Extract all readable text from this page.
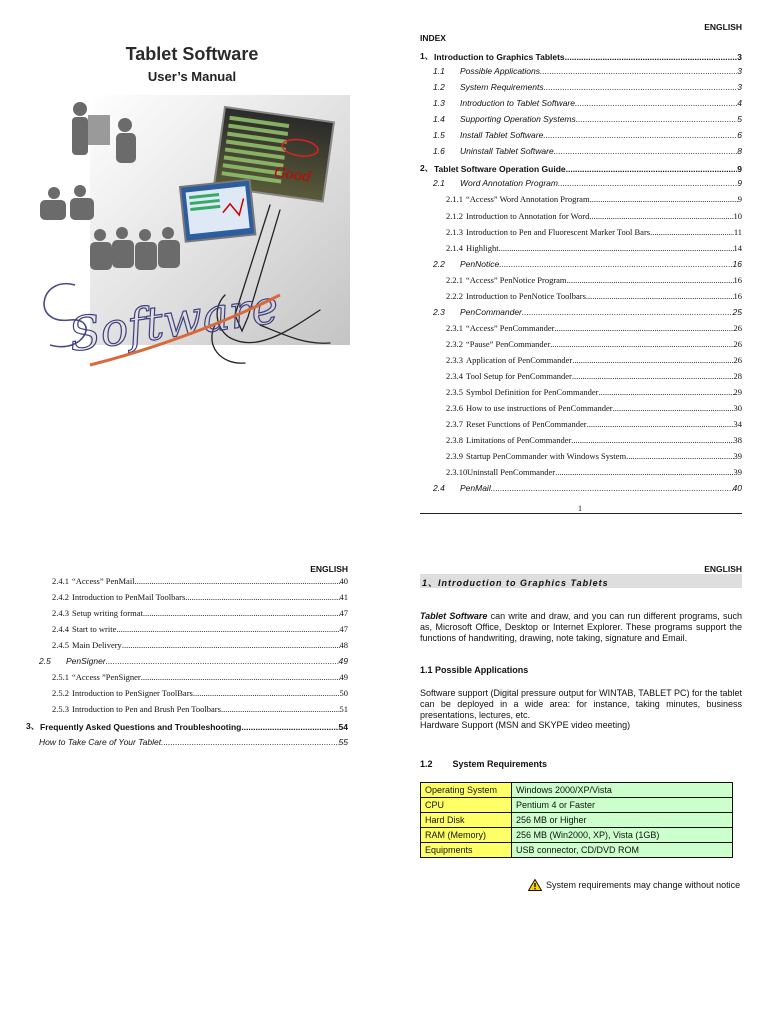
Tablet Software
User’s Manual
Good
Software
ENGLISH
INDEX
1、 Introduction to Graphics Tablets .....	3
1.1	Possible Applications .....	3
1.2	System Requirements .....	3
1.3	Introduction to Tablet Software .....	4
1.4	Supporting Operation Systems .....	5
1.5	Install Tablet Software .....	6
1.6	Uninstall Tablet Software .....	8
2、 Tablet Software Operation Guide .....	9
2.1	Word Annotation Program .....	9
2.1.1 “Access” Word Annotation Program .....	9
2.1.2 Introduction to Annotation for Word .....	10
2.1.3 Introduction to Pen and Fluorescent Marker Tool Bars .....	11
2.1.4 Highlight .....	14
2.2	PenNotice .....	16
2.2.1 “Access” PenNotice Program .....	16
2.2.2 Introduction to PenNotice Toolbars .....	16
2.3	PenCommander .....	25
2.3.1 “Access” PenCommander .....	26
2.3.2 “Pause” PenCommander .....	26
2.3.3 Application of PenCommander .....	26
2.3.4 Tool Setup for PenCommander .....	28
2.3.5 Symbol Definition for PenCommander .....	29
2.3.6 How to use instructions of PenCommander .....	30
2.3.7 Reset Functions of PenCommander .....	34
2.3.8 Limitations of PenCommander .....	38
2.3.9 Startup PenCommander with Windows System .....	39
2.3.10 Uninstall PenCommander .....	39
2.4	PenMail .....	40
1
ENGLISH
2.4.1 “Access” PenMail .....	40
2.4.2 Introduction to PenMail Toolbars .....	41
2.4.3 Setup writing format .....	47
2.4.4 Start to write .....	47
2.4.5 Main Delivery .....	48
2.5	PenSigner .....	49
2.5.1 “Access ”PenSigner .....	49
2.5.2 Introduction to PenSigner ToolBars .....	50
2.5.3 Introduction to Pen and Brush Pen Toolbars .....	51
3、 Frequently Asked Questions and Troubleshooting .....	54
How to Take Care of Your Tablet .....	55
ENGLISH
1、Introduction to Graphics Tablets
Tablet Software can write and draw, and you can run different programs, such as, Microsoft Office, Desktop or Internet Explorer. These programs support the functions of handwriting, drawing, note taking, signature and Email.
1.1 Possible Applications
Software support (Digital pressure output for WINTAB, TABLET PC) for the tablet can be deployed in a wide area: for instance, taking minutes, business presentations, lectures, etc.
Hardware Support (MSN and SKYPE video meeting)
1.2 System Requirements
Operating System	Windows 2000/XP/Vista
CPU	Pentium 4 or Faster
Hard Disk	256 MB or Higher
RAM (Memory)	256 MB (Win2000, XP), Vista (1GB)
Equipments	USB connector, CD/DVD ROM
System requirements may change without notice
